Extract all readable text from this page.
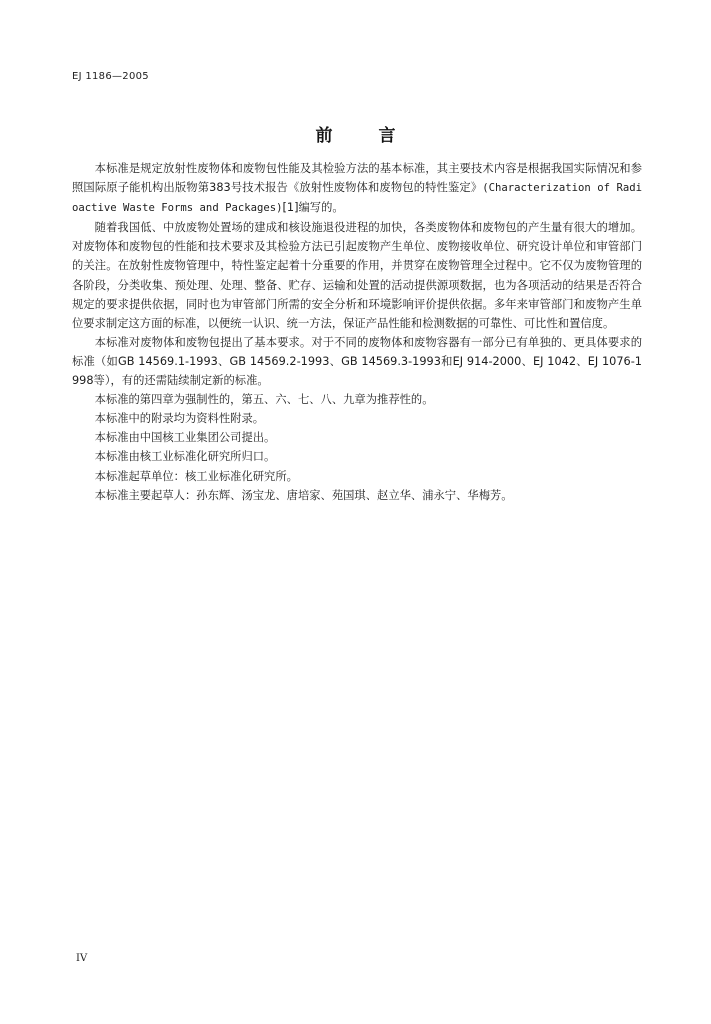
EJ 1186—2005
前 言

本标准是规定放射性废物体和废物包性能及其检验方法的基本标准，其主要技术内容是根据我国实际情况和参照国际原子能机构出版物第383号技术报告《放射性废物体和废物包的特性鉴定》(Characterization of Radioactive Waste Forms and Packages)[1]编写的。

随着我国低、中放废物处置场的建成和核设施退役进程的加快，各类废物体和废物包的产生量有很大的增加。对废物体和废物包的性能和技术要求及其检验方法已引起废物产生单位、废物接收单位、研究设计单位和审管部门的关注。在放射性废物管理中，特性鉴定起着十分重要的作用，并贯穿在废物管理全过程中。它不仅为废物管理的各阶段，分类收集、预处理、处理、整备、贮存、运输和处置的活动提供源项数据，也为各项活动的结果是否符合规定的要求提供依据，同时也为审管部门所需的安全分析和环境影响评价提供依据。多年来审管部门和废物产生单位要求制定这方面的标准，以便统一认识、统一方法，保证产品性能和检测数据的可靠性、可比性和置信度。

本标准对废物体和废物包提出了基本要求。对于不同的废物体和废物容器有一部分已有单独的、更具体要求的标准（如GB 14569.1-1993、GB 14569.2-1993、GB 14569.3-1993和EJ 914-2000、EJ 1042、EJ 1076-1998等），有的还需陆续制定新的标准。

本标准的第四章为强制性的，第五、六、七、八、九章为推荐性的。

本标准中的附录均为资料性附录。

本标准由中国核工业集团公司提出。

本标准由核工业标准化研究所归口。

本标准起草单位：核工业标准化研究所。

本标准主要起草人：孙东辉、汤宝龙、唐培家、苑国琪、赵立华、浦永宁、华梅芳。

IV
